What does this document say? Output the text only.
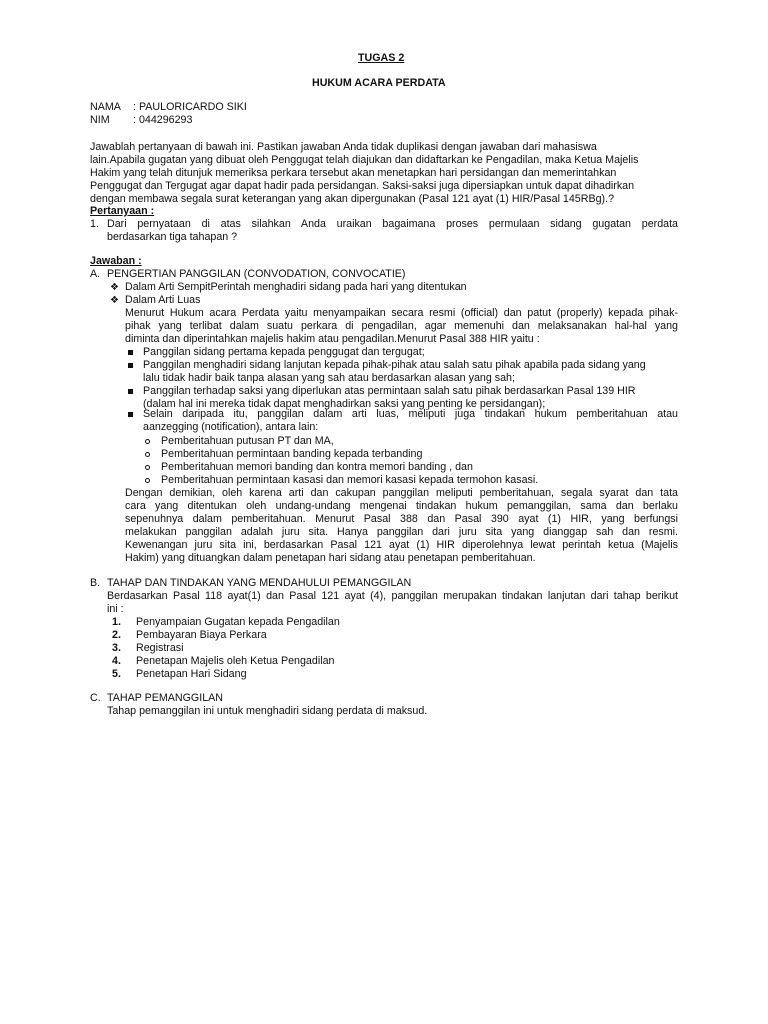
TUGAS 2
HUKUM ACARA PERDATA
NAMA : PAULORICARDO SIKI
NIM : 044296293
Jawablah pertanyaan di bawah ini. Pastikan jawaban Anda tidak duplikasi dengan jawaban dari mahasiswa
lain.Apabila gugatan yang dibuat oleh Penggugat telah diajukan dan didaftarkan ke Pengadilan, maka Ketua Majelis
Hakim yang telah ditunjuk memeriksa perkara tersebut akan menetapkan hari persidangan dan memerintahkan
Penggugat dan Tergugat agar dapat hadir pada persidangan. Saksi-saksi juga dipersiapkan untuk dapat dihadirkan
dengan membawa segala surat keterangan yang akan dipergunakan (Pasal 121 ayat (1) HIR/Pasal 145RBg).?
Pertanyaan :
1. Dari pernyataan di atas silahkan Anda uraikan bagaimana proses permulaan sidang gugatan perdata
berdasarkan tiga tahapan ?
Jawaban :
A. PENGERTIAN PANGGILAN (CONVODATION, CONVOCATIE)
❖ Dalam Arti SempitPerintah menghadiri sidang pada hari yang ditentukan
❖ Dalam Arti Luas
Menurut Hukum acara Perdata yaitu menyampaikan secara resmi (official) dan patut (properly) kepada pihak-
pihak yang terlibat dalam suatu perkara di pengadilan, agar memenuhi dan melaksanakan hal-hal yang
diminta dan diperintahkan majelis hakim atau pengadilan.Menurut Pasal 388 HIR yaitu :
Panggilan sidang pertama kepada penggugat dan tergugat;
Panggilan menghadiri sidang lanjutan kepada pihak-pihak atau salah satu pihak apabila pada sidang yang
lalu tidak hadir baik tanpa alasan yang sah atau berdasarkan alasan yang sah;
Panggilan terhadap saksi yang diperlukan atas permintaan salah satu pihak berdasarkan Pasal 139 HIR
(dalam hal ini mereka tidak dapat menghadirkan saksi yang penting ke persidangan);
Selain daripada itu, panggilan dalam arti luas, meliputi juga tindakan hukum pemberitahuan atau
aanzegging (notification), antara lain:
Pemberitahuan putusan PT dan MA,
Pemberitahuan permintaan banding kepada terbanding
Pemberitahuan memori banding dan kontra memori banding , dan
Pemberitahuan permintaan kasasi dan memori kasasi kepada termohon kasasi.
Dengan demikian, oleh karena arti dan cakupan panggilan meliputi pemberitahuan, segala syarat dan tata
cara yang ditentukan oleh undang-undang mengenai tindakan hukum pemanggilan, sama dan berlaku
sepenuhnya dalam pemberitahuan. Menurut Pasal 388 dan Pasal 390 ayat (1) HIR, yang berfungsi
melakukan panggilan adalah juru sita. Hanya panggilan dari juru sita yang dianggap sah dan resmi.
Kewenangan juru sita ini, berdasarkan Pasal 121 ayat (1) HIR diperolehnya lewat perintah ketua (Majelis
Hakim) yang dituangkan dalam penetapan hari sidang atau penetapan pemberitahuan.
B. TAHAP DAN TINDAKAN YANG MENDAHULUI PEMANGGILAN
Berdasarkan Pasal 118 ayat(1) dan Pasal 121 ayat (4), panggilan merupakan tindakan lanjutan dari tahap berikut
ini :
1. Penyampaian Gugatan kepada Pengadilan
2. Pembayaran Biaya Perkara
3. Registrasi
4. Penetapan Majelis oleh Ketua Pengadilan
5. Penetapan Hari Sidang
C. TAHAP PEMANGGILAN
Tahap pemanggilan ini untuk menghadiri sidang perdata di maksud.
